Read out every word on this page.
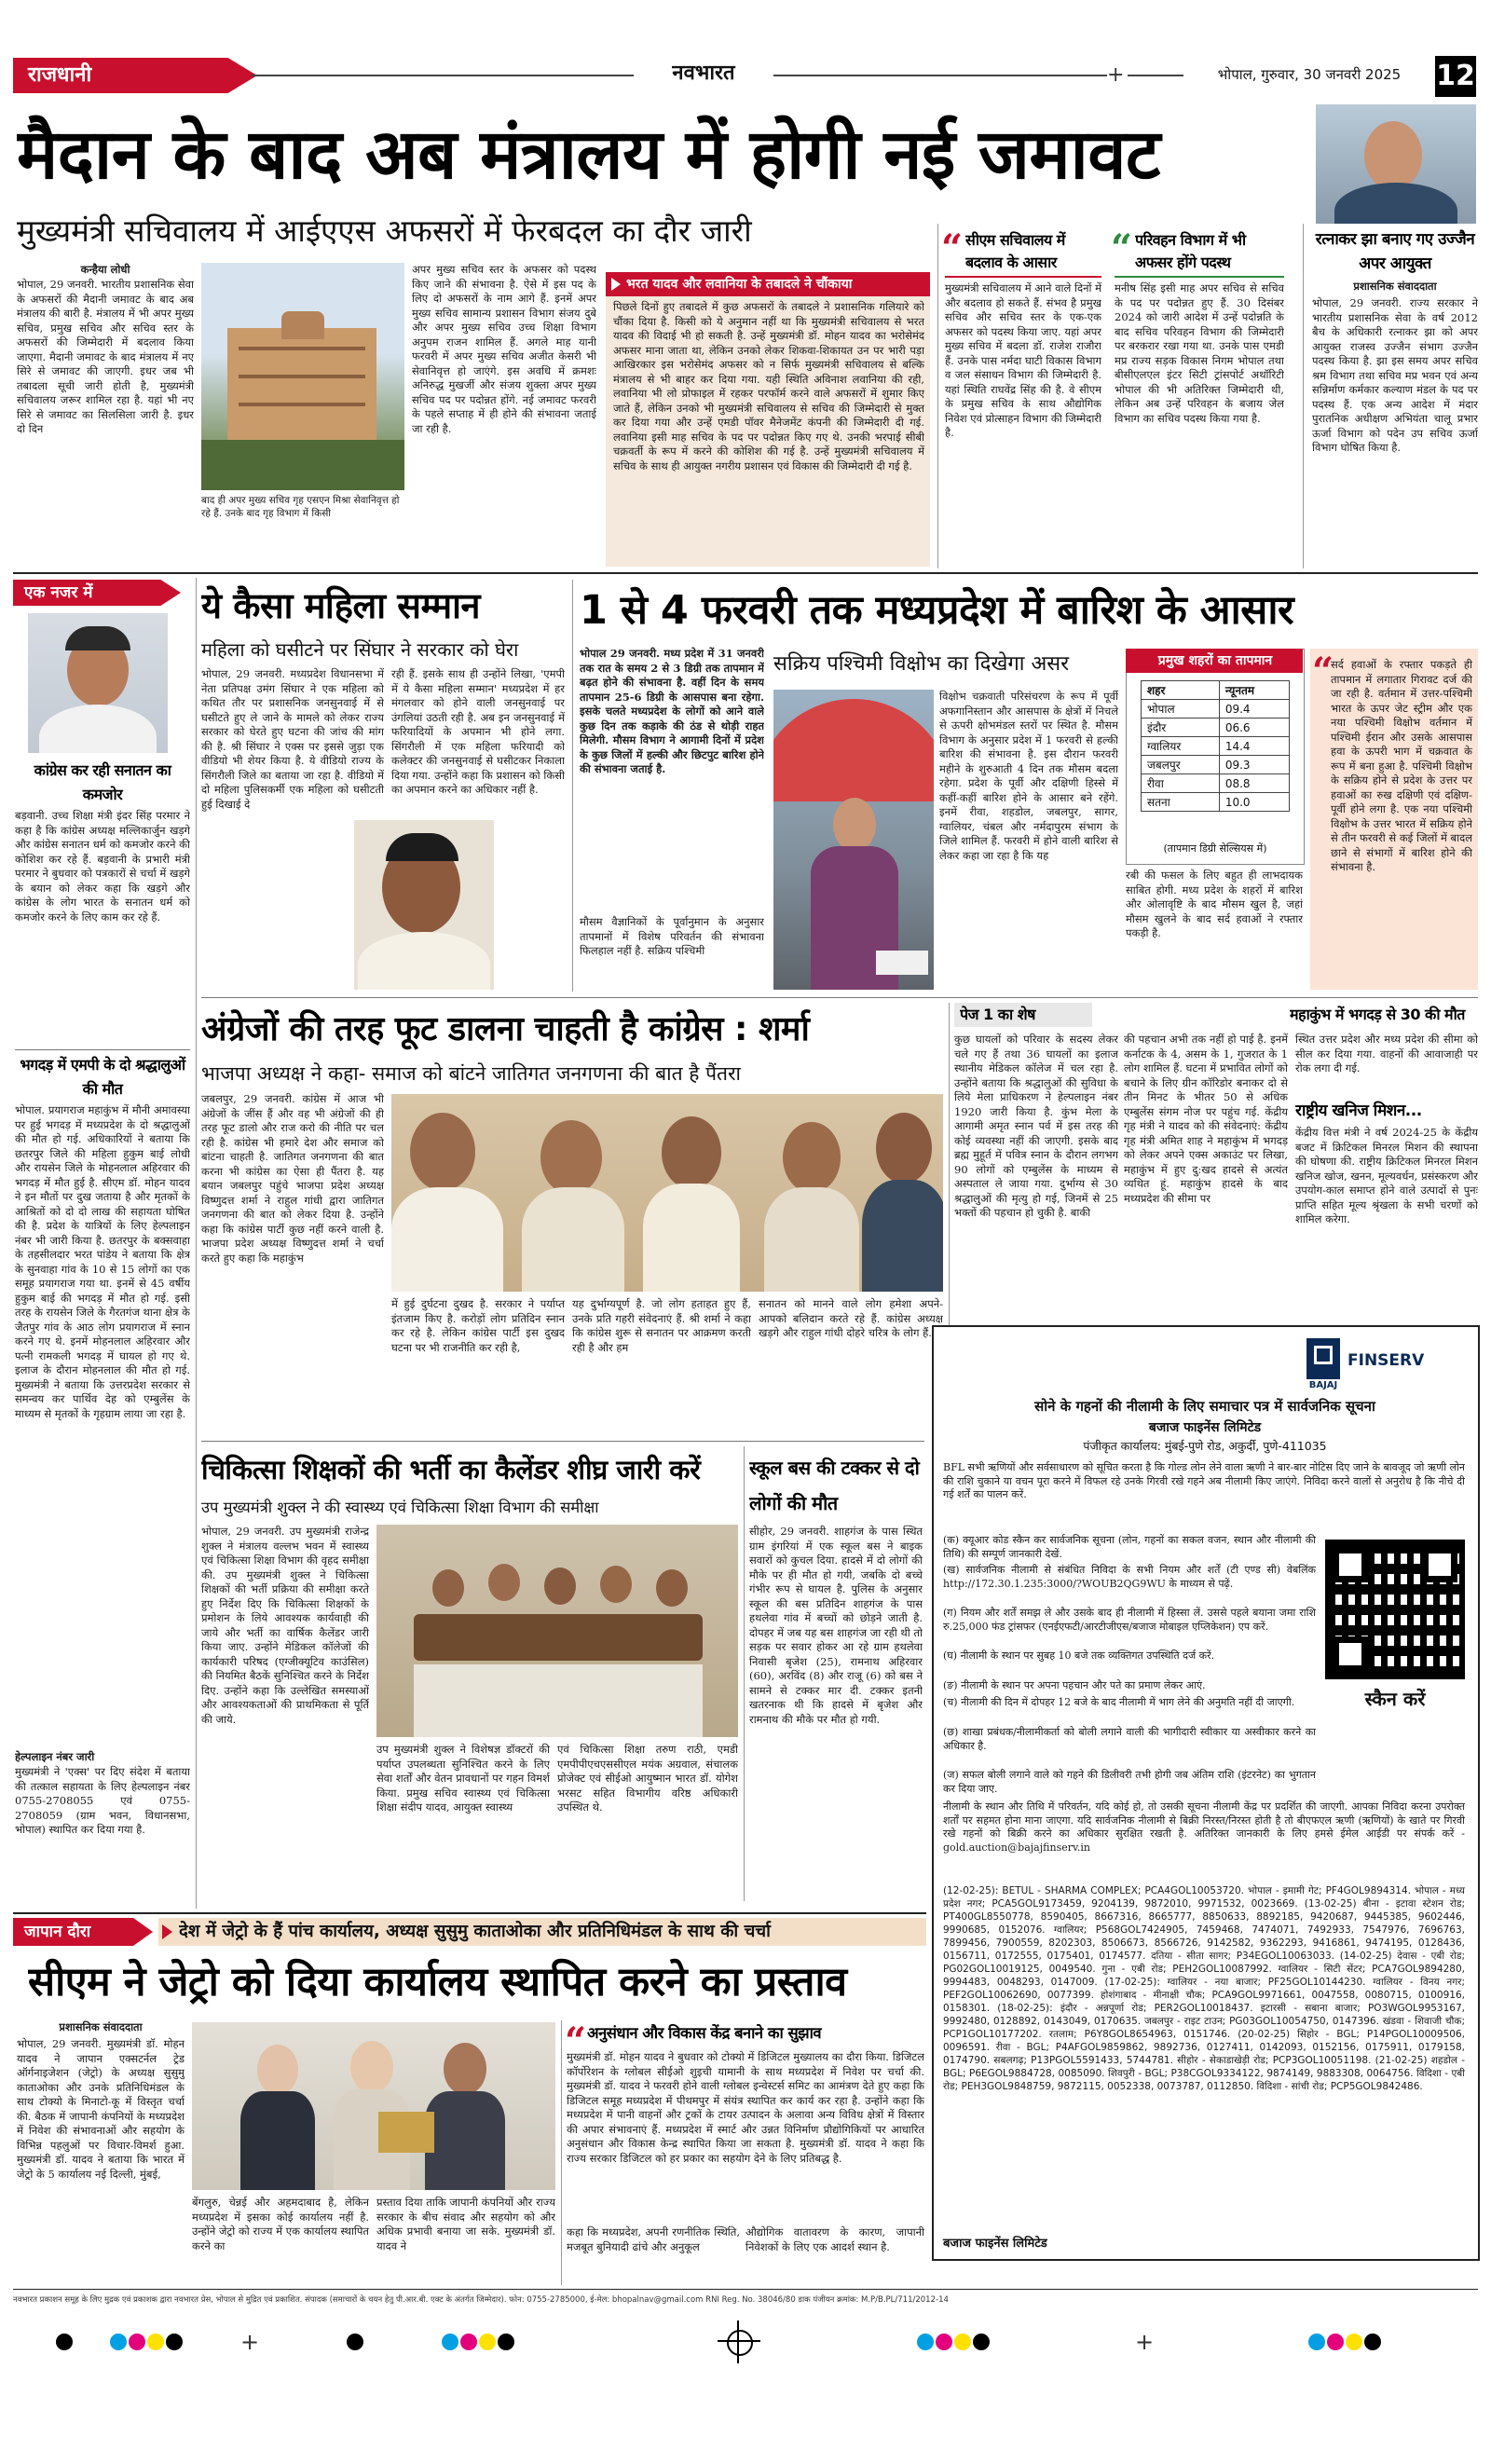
राजधानी	नवभारत	+	भोपाल, गुरुवार, 30 जनवरी 2025	12
मैदान के बाद अब मंत्रालय में होगी नई जमावट
मुख्यमंत्री सचिवालय में आईएएस अफसरों में फेरबदल का दौर जारी
कन्हैया लोधी
भोपाल, 29 जनवरी. भारतीय प्रशासनिक सेवा के अफसरों की मैदानी जमावट के बाद अब मंत्रालय की बारी है. मंत्रालय में भी अपर मुख्य सचिव, प्रमुख सचिव और सचिव स्तर के अफसरों की जिम्मेदारी में बदलाव किया जाएगा. मैदानी जमावट के बाद मंत्रालय में नए सिरे से जमावट की जाएगी. इधर जब भी तबादला सूची जारी होती है, मुख्यमंत्री सचिवालय जरूर शामिल रहा है. यहां भी नए सिरे से जमावट का सिलसिला जारी है. इधर दो दिन
बाद ही अपर मुख्य सचिव गृह एसएन मिश्रा सेवानिवृत्त हो रहे हैं. उनके बाद गृह विभाग में किसी
अपर मुख्य सचिव स्तर के अफसर को पदस्थ किए जाने की संभावना है. ऐसे में इस पद के लिए दो अफसरों के नाम आगे हैं. इनमें अपर मुख्य सचिव सामान्य प्रशासन विभाग संजय दुबे और अपर मुख्य सचिव उच्च शिक्षा विभाग अनुपम राजन शामिल हैं. अगले माह यानी फरवरी में अपर मुख्य सचिव अजीत केसरी भी सेवानिवृत्त हो जाएंगे. इस अवधि में क्रमशः अनिरुद्ध मुखर्जी और संजय शुक्ला अपर मुख्य सचिव पद पर पदोन्नत होंगे. नई जमावट फरवरी के पहले सप्ताह में ही होने की संभावना जताई जा रही है.
भरत यादव और लवानिया के तबादले ने चौंकाया
पिछले दिनों हुए तबादले में कुछ अफसरों के तबादले ने प्रशासनिक गलियारे को चौंका दिया है. किसी को ये अनुमान नहीं था कि मुख्यमंत्री सचिवालय से भरत यादव की विदाई भी हो सकती है. उन्हें मुख्यमंत्री डॉ. मोहन यादव का भरोसेमंद अफसर माना जाता था, लेकिन उनको लेकर शिकवा-शिकायत उन पर भारी पड़ा आखिरकार इस भरोसेमंद अफसर को न सिर्फ मुख्यमंत्री सचिवालय से बल्कि मंत्रालय से भी बाहर कर दिया गया. यही स्थिति अविनाश लवानिया की रही, लवानिया भी लो प्रोफाइल में रहकर परफॉर्म करने वाले अफसरों में शुमार किए जाते हैं, लेकिन उनको भी मुख्यमंत्री सचिवालय से सचिव की जिम्मेदारी से मुक्त कर दिया गया और उन्हें एमडी पॉवर मैनेजमेंट कंपनी की जिम्मेदारी दी गई. लवानिया इसी माह सचिव के पद पर पदोन्नत किए गए थे. उनकी भरपाई सीबी चक्रवर्ती के रूप में करने की कोशिश की गई है. उन्हें मुख्यमंत्री सचिवालय में सचिव के साथ ही आयुक्त नगरीय प्रशासन एवं विकास की जिम्मेदारी दी गई है.
“ सीएम सचिवालय में बदलाव के आसार
मुख्यमंत्री सचिवालय में आने वाले दिनों में और बदलाव हो सकते हैं. संभव है प्रमुख सचिव और सचिव स्तर के एक-एक अफसर को पदस्थ किया जाए. यहां अपर मुख्य सचिव में बदला डॉ. राजेश राजौरा हैं. उनके पास नर्मदा घाटी विकास विभाग व जल संसाधन विभाग की जिम्मेदारी है. यहां स्थिति राघवेंद्र सिंह की है. वे सीएम के प्रमुख सचिव के साथ औद्योगिक निवेश एवं प्रोत्साहन विभाग की जिम्मेदारी है.
“ परिवहन विभाग में भी अफसर होंगे पदस्थ
मनीष सिंह इसी माह अपर सचिव से सचिव के पद पर पदोन्नत हुए हैं. 30 दिसंबर 2024 को जारी आदेश में उन्हें पदोन्नति के बाद सचिव परिवहन विभाग की जिम्मेदारी पर बरकरार रखा गया था. उनके पास एमडी मप्र राज्य सड़क विकास निगम भोपाल तथा बीसीएलएल इंटर सिटी ट्रांसपोर्ट अथॉरिटी भोपाल की भी अतिरिक्त जिम्मेदारी थी, लेकिन अब उन्हें परिवहन के बजाय जेल विभाग का सचिव पदस्थ किया गया है.
रत्नाकर झा बनाए गए उज्जैन अपर आयुक्त
प्रशासनिक संवाददाता
भोपाल, 29 जनवरी. राज्य सरकार ने भारतीय प्रशासनिक सेवा के वर्ष 2012 बैच के अधिकारी रत्नाकर झा को अपर आयुक्त राजस्व उज्जैन संभाग उज्जैन पदस्थ किया है. झा इस समय अपर सचिव श्रम विभाग तथा सचिव मप्र भवन एवं अन्य सन्निर्माण कर्मकार कल्याण मंडल के पद पर पदस्थ हैं. एक अन्य आदेश में मंदार पुरातनिक अधीक्षण अभियंता चालू प्रभार ऊर्जा विभाग को पदेन उप सचिव ऊर्जा विभाग घोषित किया है.
एक नजर में
कांग्रेस कर रही सनातन का कमजोर
बड़वानी. उच्च शिक्षा मंत्री इंदर सिंह परमार ने कहा है कि कांग्रेस अध्यक्ष मल्लिकार्जुन खड़गे और कांग्रेस सनातन धर्म को कमजोर करने की कोशिश कर रहे हैं. बड़वानी के प्रभारी मंत्री परमार ने बुधवार को पत्रकारों से चर्चा में खड़गे के बयान को लेकर कहा कि खड़गे और कांग्रेस के लोग भारत के सनातन धर्म को कमजोर करने के लिए काम कर रहे हैं.
भगदड़ में एमपी के दो श्रद्धालुओं की मौत
भोपाल. प्रयागराज महाकुंभ में मौनी अमावस्या पर हुई भगदड़ में मध्यप्रदेश के दो श्रद्धालुओं की मौत हो गई. अधिकारियों ने बताया कि छतरपुर जिले की महिला हुकुम बाई लोधी और रायसेन जिले के मोहनलाल अहिरवार की भगदड़ में मौत हुई है. सीएम डॉ. मोहन यादव ने इन मौतों पर दुख जताया है और मृतकों के आश्रितों को दो दो लाख की सहायता घोषित की है. प्रदेश के यात्रियों के लिए हेल्पलाइन नंबर भी जारी किया है. छतरपुर के बक्सवाहा के तहसीलदार भरत पांडेय ने बताया कि क्षेत्र के सुनवाहा गांव के 10 से 15 लोगों का एक समूह प्रयागराज गया था. इनमें से 45 वर्षीय हुकुम बाई की भगदड़ में मौत हो गई. इसी तरह के रायसेन जिले के गैरतगंज थाना क्षेत्र के जैतपुर गांव के आठ लोग प्रयागराज में स्नान करने गए थे. इनमें मोहनलाल अहिरवार और पत्नी रामकली भगदड़ में घायल हो गए थे. इलाज के दौरान मोहनलाल की मौत हो गई. मुख्यमंत्री ने बताया कि उत्तरप्रदेश सरकार से समन्वय कर पार्थिव देह को एम्बुलेंस के माध्यम से मृतकों के गृहग्राम लाया जा रहा है.
हेल्पलाइन नंबर जारी
मुख्यमंत्री ने 'एक्स' पर दिए संदेश में बताया की तत्काल सहायता के लिए हेल्पलाइन नंबर 0755-2708055 एवं 0755-2708059 (ग्राम भवन, विधानसभा, भोपाल) स्थापित कर दिया गया है.
ये कैसा महिला सम्मान
महिला को घसीटने पर सिंघार ने सरकार को घेरा
भोपाल, 29 जनवरी. मध्यप्रदेश विधानसभा में नेता प्रतिपक्ष उमंग सिंघार ने एक महिला को कथित तौर पर प्रशासनिक जनसुनवाई में से घसीटते हुए ले जाने के मामले को लेकर राज्य सरकार को घेरते हुए घटना की जांच की मांग की है. श्री सिंघार ने एक्स पर इससे जुड़ा एक वीडियो भी शेयर किया है. ये वीडियो राज्य के सिंगरौली जिले का बताया जा रहा है. वीडियो में दो महिला पुलिसकर्मी एक महिला को घसीटती हुई दिखाई दे
रही हैं. इसके साथ ही उन्होंने लिखा, 'एमपी में ये कैसा महिला सम्मान' मध्यप्रदेश में हर मंगलवार को होने वाली जनसुनवाई पर उंगलियां उठती रही है. अब इन जनसुनवाई में फरियादियों के अपमान भी होने लगा. सिंगरौली में एक महिला फरियादी को कलेक्टर की जनसुनवाई से घसीटकर निकाला दिया गया. उन्होंने कहा कि प्रशासन को किसी का अपमान करने का अधिकार नहीं है.
1 से 4 फरवरी तक मध्यप्रदेश में बारिश के आसार
भोपाल 29 जनवरी. मध्य प्रदेश में 31 जनवरी तक रात के समय 2 से 3 डिग्री तक तापमान में बढ़त होने की संभावना है. वहीं दिन के समय तापमान 25-6 डिग्री के आसपास बना रहेगा. इसके चलते मध्यप्रदेश के लोगों को आने वाले कुछ दिन तक कड़ाके की ठंड से थोड़ी राहत मिलेगी. मौसम विभाग ने आगामी दिनों में प्रदेश के कुछ जिलों में हल्की और छिटपुट बारिश होने की संभावना जताई है.
मौसम वैज्ञानिकों के पूर्वानुमान के अनुसार तापमानों में विशेष परिवर्तन की संभावना फिलहाल नहीं है. सक्रिय पश्चिमी
सक्रिय पश्चिमी विक्षोभ का दिखेगा असर
विक्षोभ चक्रवाती परिसंचरण के रूप में पूर्वी अफगानिस्तान और आसपास के क्षेत्रों में निचले से ऊपरी क्षोभमंडल स्तरों पर स्थित है. मौसम विभाग के अनुसार प्रदेश में 1 फरवरी से हल्की बारिश की संभावना है. इस दौरान फरवरी महीने के शुरुआती 4 दिन तक मौसम बदला रहेगा. प्रदेश के पूर्वी और दक्षिणी हिस्से में कहीं-कहीं बारिश होने के आसार बने रहेंगे. इनमें रीवा, शहडोल, जबलपुर, सागर, ग्वालियर, चंबल और नर्मदापुरम संभाग के जिले शामिल हैं. फरवरी में होने वाली बारिश से लेकर कहा जा रहा है कि यह
प्रमुख शहरों का तापमान
शहर	न्यूनतम
भोपाल	09.4
इंदौर	06.6
ग्वालियर	14.4
जबलपुर	09.3
रीवा	08.8
सतना	10.0
(तापमान डिग्री सेल्सियस में)
रबी की फसल के लिए बहुत ही लाभदायक साबित होगी. मध्य प्रदेश के शहरों में बारिश और ओलावृष्टि के बाद मौसम खुल है, जहां मौसम खुलने के बाद सर्द हवाओं ने रफ्तार पकड़ी है.
“
सर्द हवाओं के रफ्तार पकड़ते ही तापमान में लगातार गिरावट दर्ज की जा रही है. वर्तमान में उत्तर-पश्चिमी भारत के ऊपर जेट स्ट्रीम और एक नया पश्चिमी विक्षोभ वर्तमान में पश्चिमी ईरान और उसके आसपास हवा के ऊपरी भाग में चक्रवात के रूप में बना हुआ है. पश्चिमी विक्षोभ के सक्रिय होने से प्रदेश के उत्तर पर हवाओं का रुख दक्षिणी एवं दक्षिण-पूर्वी होने लगा है. एक नया पश्चिमी विक्षोभ के उत्तर भारत में सक्रिय होने से तीन फरवरी से कई जिलों में बादल छाने से संभागों में बारिश होने की संभावना है.
अंग्रेजों की तरह फूट डालना चाहती है कांग्रेस : शर्मा
भाजपा अध्यक्ष ने कहा- समाज को बांटने जातिगत जनगणना की बात है पैंतरा
जबलपुर, 29 जनवरी. कांग्रेस में आज भी अंग्रेजों के जींस हैं और वह भी अंग्रेजों की ही तरह फूट डालो और राज करो की नीति पर चल रही है. कांग्रेस भी हमारे देश और समाज को बांटना चाहती है. जातिगत जनगणना की बात करना भी कांग्रेस का ऐसा ही पैंतरा है. यह बयान जबलपुर पहुंचे भाजपा प्रदेश अध्यक्ष विष्णुदत्त शर्मा ने राहुल गांधी द्वारा जातिगत जनगणना की बात को लेकर दिया है. उन्होंने कहा कि कांग्रेस पार्टी कुछ नहीं करने वाली है. भाजपा प्रदेश अध्यक्ष विष्णुदत्त शर्मा ने चर्चा करते हुए कहा कि महाकुंभ
में हुई दुर्घटना दुखद है. सरकार ने पर्याप्त इंतजाम किए है. करोड़ों लोग प्रतिदिन स्नान कर रहे है. लेकिन कांग्रेस पार्टी इस दुखद घटना पर भी राजनीति कर रही है,
यह दुर्भाग्यपूर्ण है. जो लोग हताहत हुए हैं, उनके प्रति गहरी संवेदनाएं हैं. श्री शर्मा ने कहा कि कांग्रेस शुरू से सनातन पर आक्रमण करती रही है और हम
सनातन को मानने वाले लोग हमेशा अपने-आपको बलिदान करते रहे हैं. कांग्रेस अध्यक्ष खड़गे और राहुल गांधी दोहरे चरित्र के लोग हैं.
पेज 1 का शेष	महाकुंभ में भगदड़ से 30 की मौत
कुछ घायलों को परिवार के सदस्य लेकर चले गए हैं तथा 36 घायलों का इलाज स्थानीय मेडिकल कॉलेज में चल रहा है. उन्होंने बताया कि श्रद्धालुओं की सुविधा के लिये मेला प्राधिकरण ने हेल्पलाइन नंबर 1920 जारी किया है. कुंभ मेला के आगामी अमृत स्नान पर्व में इस तरह की कोई व्यवस्था नहीं की जाएगी. इसके बाद ब्रह्म मुहूर्त में पवित्र स्नान के दौरान लगभग 90 लोगों को एम्बुलेंस के माध्यम से अस्पताल ले जाया गया. दुर्भाग्य से 30 श्रद्धालुओं की मृत्यु हो गई, जिनमें से 25 भक्तों की पहचान हो चुकी है. बाकी
की पहचान अभी तक नहीं हो पाई है. इनमें कर्नाटक के 4, असम के 1, गुजरात के 1 लोग शामिल हैं. घटना में प्रभावित लोगों को बचाने के लिए ग्रीन कॉरिडोर बनाकर दो से तीन मिनट के भीतर 50 से अधिक एम्बुलेंस संगम नोज पर पहुंच गई. केंद्रीय गृह मंत्री ने यादव को की संवेदनाएं: केंद्रीय गृह मंत्री अमित शाह ने महाकुंभ में भगदड़ को लेकर अपने एक्स अकाउंट पर लिखा, महाकुंभ में हुए दु:खद हादसे से अत्यंत व्यथित हूं. महाकुंभ हादसे के बाद मध्यप्रदेश की सीमा पर
स्थित उत्तर प्रदेश और मध्य प्रदेश की सीमा को सील कर दिया गया. वाहनों की आवाजाही पर रोक लगा दी गई.
राष्ट्रीय खनिज मिशन...
केंद्रीय वित्त मंत्री ने वर्ष 2024-25 के केंद्रीय बजट में क्रिटिकल मिनरल मिशन की स्थापना की घोषणा की. राष्ट्रीय क्रिटिकल मिनरल मिशन खनिज खोज, खनन, मूल्यवर्धन, प्रसंस्करण और उपयोग-काल समाप्त होने वाले उत्पादों से पुनः प्राप्ति सहित मूल्य श्रृंखला के सभी चरणों को शामिल करेगा.
BAJAJ
FINSERV
सोने के गहनों की नीलामी के लिए समाचार पत्र में सार्वजनिक सूचना
बजाज फाइनेंस लिमिटेड
पंजीकृत कार्यालय: मुंबई-पुणे रोड, अकुर्दी, पुणे-411035
BFL सभी ऋणियों और सर्वसाधारण को सूचित करता है कि गोल्ड लोन लेने वाला ऋणी ने बार-बार नोटिस दिए जाने के बावजूद जो ऋणी लोन की राशि चुकाने या वचन पूरा करने में विफल रहे उनके गिरवी रखे गहने अब नीलामी किए जाएंगे. निविदा करने वालों से अनुरोध है कि नीचे दी गई शर्तें का पालन करें.
(क) क्यूआर कोड स्कैन कर सार्वजनिक सूचना (लोन, गहनों का सकल वजन, स्थान और नीलामी की तिथि) की सम्पूर्ण जानकारी देखें.
(ख) सार्वजनिक नीलामी से संबंधित निविदा के सभी नियम और शर्तें (टी एण्ड सी) वेबलिंक http://172.30.1.235:3000/?WOUB2QG9WU के माध्यम से पढ़ें.
(ग) नियम और शर्तें समझ ले और उसके बाद ही नीलामी में हिस्सा लें. उससे पहले बयाना जमा राशि रु.25,000 फंड ट्रांसफर (एनईएफटी/आरटीजीएस/बजाज मोबाइल एप्लिकेशन) एप करें.
(घ) नीलामी के स्थान पर सुबह 10 बजे तक व्यक्तिगत उपस्थिति दर्ज करें.
(ङ) नीलामी के स्थान पर अपना पहचान और पते का प्रमाण लेकर आएं.
(च) नीलामी की दिन में दोपहर 12 बजे के बाद नीलामी में भाग लेने की अनुमति नहीं दी जाएगी.
(छ) शाखा प्रबंधक/नीलामीकर्ता को बोली लगाने वाली की भागीदारी स्वीकार या अस्वीकार करने का अधिकार है.
(ज) सफल बोली लगाने वाले को गहने की डिलीवरी तभी होगी जब अंतिम राशि (इंटरनेट) का भुगतान कर दिया जाए.
स्कैन करें
नीलामी के स्थान और तिथि में परिवर्तन, यदि कोई हो, तो उसकी सूचना नीलामी केंद्र पर प्रदर्शित की जाएगी. आपका निविदा करना उपरोक्त शर्तों पर सहमत होना माना जाएगा. यदि सार्वजनिक नीलामी से बिक्री निरस्त/निरस्त होती है तो बीएफएल ऋणी (ऋणियों) के खाते पर गिरवी रखे गहनों को बिक्री करने का अधिकार सुरक्षित रखती है. अतिरिक्त जानकारी के लिए हमसे ईमेल आईडी पर संपर्क करें - gold.auction@bajajfinserv.in
(12-02-25): BETUL - SHARMA COMPLEX; PCA4GOL10053720. भोपाल - इमामी गेट; PF4GOL9894314. भोपाल - मध्य प्रदेश नगर; PCA5GOL9173459, 9204139, 9872010, 9971532, 0023669. (13-02-25) बीना - इटावा स्टेशन रोड; PT400GL8550778, 8590405, 8667316, 8665777, 8850633, 8892185, 9420687, 9445385, 9602446, 9990685, 0152076. ग्वालियर; P568GOL7424905, 7459468, 7474071, 7492933, 7547976, 7696763, 7899456, 7900559, 8202303, 8506673, 8566726, 9142582, 9362293, 9416861, 9474195, 0128436, 0156711, 0172555, 0175401, 0174577. दतिया - सीता सागर; P34EGOL10063033. (14-02-25) देवास - एबी रोड; PG02GOL10019125, 0049540. गुना - एबी रोड; PEH2GOL10087992. ग्वालियर - सिटी सेंटर; PCA7GOL9894280, 9994483, 0048293, 0147009. (17-02-25): ग्वालियर - नया बाजार; PF25GOL10144230. ग्वालियर - विनय नगर; PEF2GOL10062690, 0077399. होशंगाबाद - मीनाक्षी चौक; PCA9GOL9971661, 0047558, 0080715, 0100916, 0158301. (18-02-25): इंदौर - अन्नपूर्णा रोड; PER2GOL10018437. इटारसी - सबाना बाजार; PO3WGOL9953167, 9992480, 0128892, 0143049, 0170635. जबलपुर - राइट टाउन; PG03GOL10054750, 0147396. खंडवा - शिवाजी चौक; PCP1GOL10177202. रतलाम; P6Y8GOL8654963, 0151746. (20-02-25) सिहोर - BGL; P14PGOL10009506, 0096591. रीवा - BGL; P4AFGOL9859862, 9892736, 0127411, 0142093, 0152156, 0175911, 0179158, 0174790. सबलगढ़; P13PGOL5591433, 5744781. सीहोर - सेकाडाखेड़ी रोड; PCP3GOL10051198. (21-02-25) शहडोल - BGL; P6EGOL9884728, 0085090. शिवपुरी - BGL; P38CGOL9334122, 9874149, 9883308, 0064756. विदिशा - एबी रोड; PEH3GOL9848759, 9872115, 0052338, 0073787, 0112850. विदिशा - सांची रोड; PCP5GOL9842486.
बजाज फाइनेंस लिमिटेड
चिकित्सा शिक्षकों की भर्ती का कैलेंडर शीघ्र जारी करें
उप मुख्यमंत्री शुक्ल ने की स्वास्थ्य एवं चिकित्सा शिक्षा विभाग की समीक्षा
भोपाल, 29 जनवरी. उप मुख्यमंत्री राजेन्द्र शुक्ल ने मंत्रालय वल्लभ भवन में स्वास्थ्य एवं चिकित्सा शिक्षा विभाग की वृहद समीक्षा की. उप मुख्यमंत्री शुक्ल ने चिकित्सा शिक्षकों की भर्ती प्रक्रिया की समीक्षा करते हुए निर्देश दिए कि चिकित्सा शिक्षकों के प्रमोशन के लिये आवश्यक कार्यवाही की जाये और भर्ती का वार्षिक कैलेंडर जारी किया जाए. उन्होंने मेडिकल कॉलेजों की कार्यकारी परिषद (एग्जीक्यूटिव काउंसिल) की नियमित बैठकें सुनिश्चित करने के निर्देश दिए. उन्होंने कहा कि उल्लेखित समस्याओं और आवश्यकताओं की प्राथमिकता से पूर्ति की जाये.
उप मुख्यमंत्री शुक्ल ने विशेषज्ञ डॉक्टरों की पर्याप्त उपलब्धता सुनिश्चित करने के लिए सेवा शर्तों और वेतन प्रावधानों पर गहन विमर्श किया. प्रमुख सचिव स्वास्थ्य एवं चिकित्सा शिक्षा संदीप यादव, आयुक्त स्वास्थ्य
एवं चिकित्सा शिक्षा तरुण राठी, एमडी एमपीपीएचएससीएल मयंक अग्रवाल, संचालक प्रोजेक्ट एवं सीईओ आयुष्मान भारत डॉ. योगेश भरसट सहित विभागीय वरिष्ठ अधिकारी उपस्थित थे.
स्कूल बस की टक्कर से दो लोगों की मौत
सीहोर, 29 जनवरी. शाहगंज के पास स्थित ग्राम इंगरियां में एक स्कूल बस ने बाइक सवारों को कुचल दिया. हादसे में दो लोगों की मौके पर ही मौत हो गयी, जबकि दो बच्चे गंभीर रूप से घायल है. पुलिस के अनुसार स्कूल की बस प्रतिदिन शाहगंज के पास हथलेवा गांव में बच्चों को छोड़ने जाती है. दोपहर में जब यह बस शाहगंज जा रही थी तो सड़क पर सवार होकर आ रहे ग्राम हथलेवा निवासी बृजेश (25), रामनाथ अहिरवार (60), अरविंद (8) और राजू (6) को बस ने सामने से टक्कर मार दी. टक्कर इतनी खतरनाक थी कि हादसे में बृजेश और रामनाथ की मौके पर मौत हो गयी.
जापान दौरा	देश में जेट्रो के हैं पांच कार्यालय, अध्यक्ष सुसुमु काताओका और प्रतिनिधिमंडल के साथ की चर्चा
सीएम ने जेट्रो को दिया कार्यालय स्थापित करने का प्रस्ताव
प्रशासनिक संवाददाता
भोपाल, 29 जनवरी. मुख्यमंत्री डॉ. मोहन यादव ने जापान एक्सटर्नल ट्रेड ऑर्गनाइजेशन (जेट्रो) के अध्यक्ष सुसुमु काताओका और उनके प्रतिनिधिमंडल के साथ टोक्यो के मिनाटो-कू में विस्तृत चर्चा की. बैठक में जापानी कंपनियों के मध्यप्रदेश में निवेश की संभावनाओं और सहयोग के विभिन्न पहलुओं पर विचार-विमर्श हुआ. मुख्यमंत्री डॉ. यादव ने बताया कि भारत में जेट्रो के 5 कार्यालय नई दिल्ली, मुंबई,
बेंगलुरु, चेन्नई और अहमदाबाद है, लेकिन मध्यप्रदेश में इसका कोई कार्यालय नहीं है. उन्होंने जेट्रो को राज्य में एक कार्यालय स्थापित करने का
प्रस्ताव दिया ताकि जापानी कंपनियों और राज्य सरकार के बीच संवाद और सहयोग को और अधिक प्रभावी बनाया जा सके. मुख्यमंत्री डॉ. यादव ने
“ अनुसंधान और विकास केंद्र बनाने का सुझाव
मुख्यमंत्री डॉ. मोहन यादव ने बुधवार को टोक्यो में डिजिटल मुख्यालय का दौरा किया. डिजिटल कॉर्पोरेशन के ग्लोबल सीईओ शुइची यामानी के साथ मध्यप्रदेश में निवेश पर चर्चा की. मुख्यमंत्री डॉ. यादव ने फरवरी होने वाली ग्लोबल इन्वेस्टर्स समिट का आमंत्रण देते हुए कहा कि डिजिटल समूह मध्यप्रदेश में पीथमपुर में संयंत्र स्थापित कर कार्य कर रहा है. उन्होंने कहा कि मध्यप्रदेश में पानी वाहनों और ट्रकों के टायर उत्पादन के अलावा अन्य विविध क्षेत्रों में विस्तार की अपार संभावनाएं हैं. मध्यप्रदेश में स्मार्ट और उन्नत विनिर्माण प्रौद्योगिकियों पर आधारित अनुसंधान और विकास केन्द्र स्थापित किया जा सकता है. मुख्यमंत्री डॉ. यादव ने कहा कि राज्य सरकार डिजिटल को हर प्रकार का सहयोग देने के लिए प्रतिबद्ध है.
कहा कि मध्यप्रदेश, अपनी रणनीतिक स्थिति, मजबूत बुनियादी ढांचे और अनुकूल
औद्योगिक वातावरण के कारण, जापानी निवेशकों के लिए एक आदर्श स्थान है.
नवभारत प्रकाशन समूह के लिए मुद्रक एवं प्रकाशक द्वारा नवभारत प्रेस, भोपाल से मुद्रित एवं प्रकाशित. संपादक (समाचारों के चयन हेतु पी.आर.बी. एक्ट के अंतर्गत जिम्मेदार). फोन: 0755-2785000, ई-मेल: bhopalnav@gmail.com RNI Reg. No. 38046/80 डाक पंजीयन क्रमांक: M.P/B.PL/711/2012-14
+	+
